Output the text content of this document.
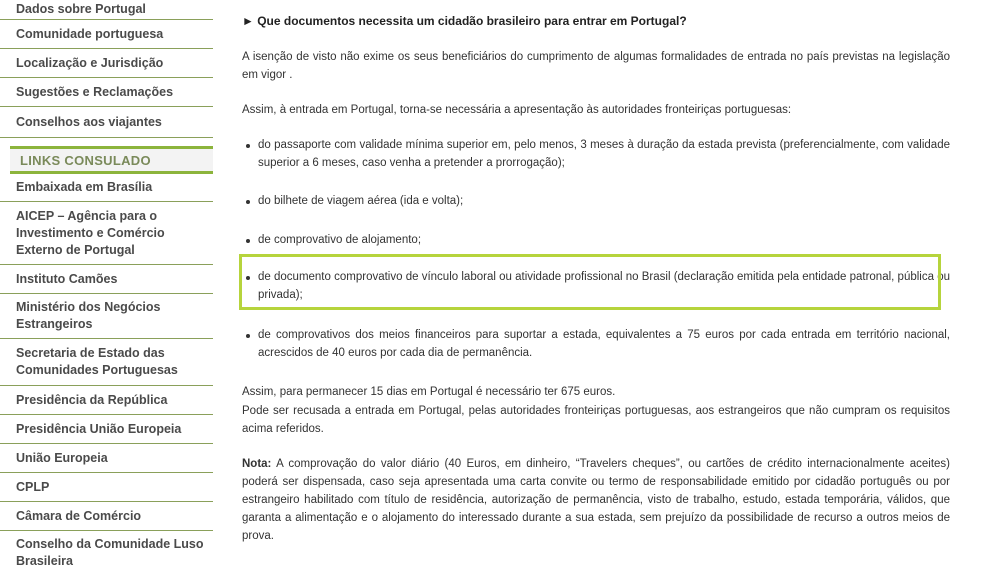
Dados sobre Portugal
Comunidade portuguesa
Localização e Jurisdição
Sugestões e Reclamações
Conselhos aos viajantes
LINKS CONSULADO
Embaixada em Brasília
AICEP – Agência para o Investimento e Comércio Externo de Portugal
Instituto Camões
Ministério dos Negócios Estrangeiros
Secretaria de Estado das Comunidades Portuguesas
Presidência da República
Presidência União Europeia
União Europeia
CPLP
Câmara de Comércio
Conselho da Comunidade Luso Brasileira
► Que documentos necessita um cidadão brasileiro para entrar em Portugal?

A isenção de visto não exime os seus beneficiários do cumprimento de algumas formalidades de entrada no país previstas na legislação em vigor .

Assim, à entrada em Portugal, torna-se necessária a apresentação às autoridades fronteiriças portuguesas:

do passaporte com validade mínima superior em, pelo menos, 3 meses à duração da estada prevista (preferencialmente, com validade superior a 6 meses, caso venha a pretender a prorrogação);
do bilhete de viagem aérea (ida e volta);
de comprovativo de alojamento;
de documento comprovativo de vínculo laboral ou atividade profissional no Brasil (declaração emitida pela entidade patronal, pública ou privada);
de comprovativos dos meios financeiros para suportar a estada, equivalentes a 75 euros por cada entrada em território nacional, acrescidos de 40 euros por cada dia de permanência.

Assim, para permanecer 15 dias em Portugal é necessário ter 675 euros.

Pode ser recusada a entrada em Portugal, pelas autoridades fronteiriças portuguesas, aos estrangeiros que não cumpram os requisitos acima referidos.

Nota: A comprovação do valor diário (40 Euros, em dinheiro, “Travelers cheques”, ou cartões de crédito internacionalmente aceites) poderá ser dispensada, caso seja apresentada uma carta convite ou termo de responsabilidade emitido por cidadão português ou por estrangeiro habilitado com título de residência, autorização de permanência, visto de trabalho, estudo, estada temporária, válidos, que garanta a alimentação e o alojamento do interessado durante a sua estada, sem prejuízo da possibilidade de recurso a outros meios de prova.
